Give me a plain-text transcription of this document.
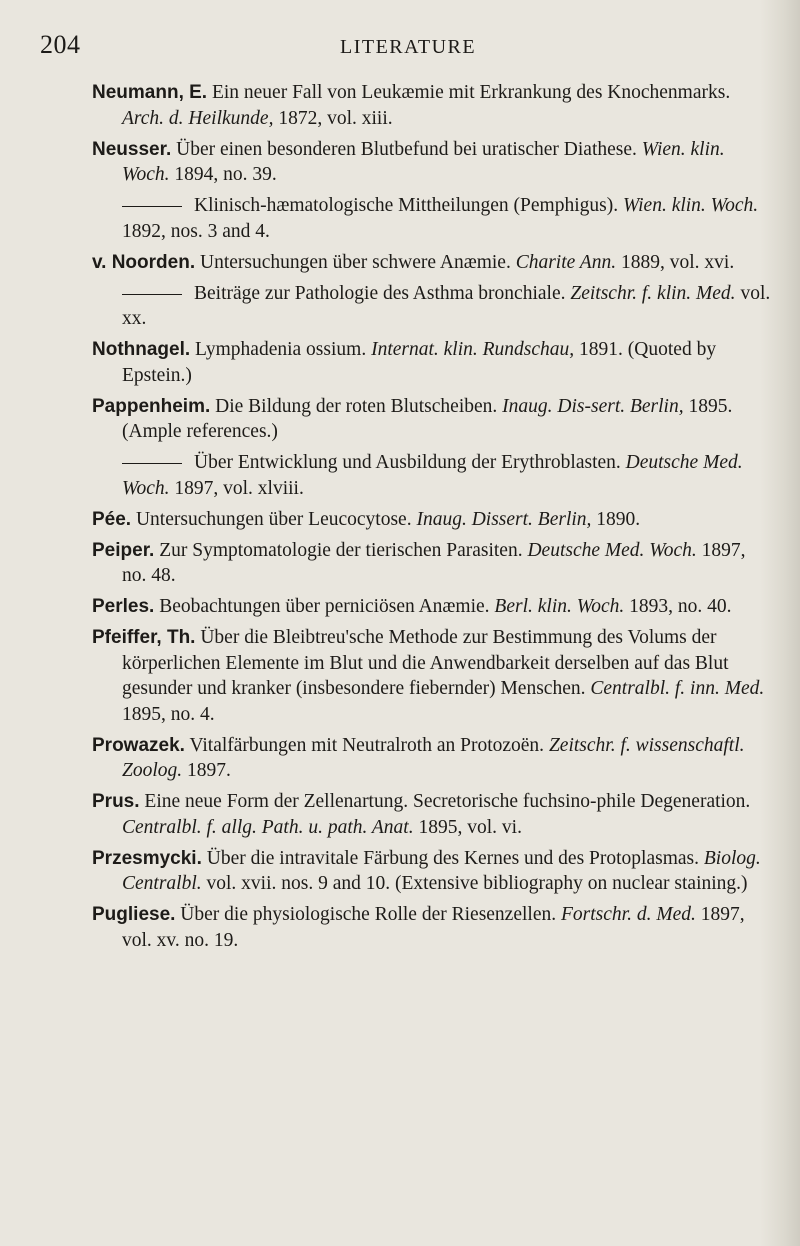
204	LITERATURE
Neumann, E. Ein neuer Fall von Leukæmie mit Erkrankung des Knochenmarks. Arch. d. Heilkunde, 1872, vol. xiii.
Neusser. Über einen besonderen Blutbefund bei uratischer Diathese. Wien. klin. Woch. 1894, no. 39.
Klinisch-hæmatologische Mittheilungen (Pemphigus). Wien. klin. Woch. 1892, nos. 3 and 4.
v. Noorden. Untersuchungen über schwere Anæmie. Charite Ann. 1889, vol. xvi.
Beiträge zur Pathologie des Asthma bronchiale. Zeitschr. f. klin. Med. vol. xx.
Nothnagel. Lymphadenia ossium. Internat. klin. Rundschau, 1891. (Quoted by Epstein.)
Pappenheim. Die Bildung der roten Blutscheiben. Inaug. Dis-sert. Berlin, 1895. (Ample references.)
Über Entwicklung und Ausbildung der Erythroblasten. Deutsche Med. Woch. 1897, vol. xlviii.
Pée. Untersuchungen über Leucocytose. Inaug. Dissert. Berlin, 1890.
Peiper. Zur Symptomatologie der tierischen Parasiten. Deutsche Med. Woch. 1897, no. 48.
Perles. Beobachtungen über perniciösen Anæmie. Berl. klin. Woch. 1893, no. 40.
Pfeiffer, Th. Über die Bleibtreu'sche Methode zur Bestimmung des Volums der körperlichen Elemente im Blut und die Anwendbarkeit derselben auf das Blut gesunder und kranker (insbesondere fiebernder) Menschen. Centralbl. f. inn. Med. 1895, no. 4.
Prowazek. Vitalfärbungen mit Neutralroth an Protozoën. Zeitschr. f. wissenschaftl. Zoolog. 1897.
Prus. Eine neue Form der Zellenartung. Secretorische fuchsino-phile Degeneration. Centralbl. f. allg. Path. u. path. Anat. 1895, vol. vi.
Przesmycki. Über die intravitale Färbung des Kernes und des Protoplasmas. Biolog. Centralbl. vol. xvii. nos. 9 and 10. (Extensive bibliography on nuclear staining.)
Pugliese. Über die physiologische Rolle der Riesenzellen. Fortschr. d. Med. 1897, vol. xv. no. 19.
